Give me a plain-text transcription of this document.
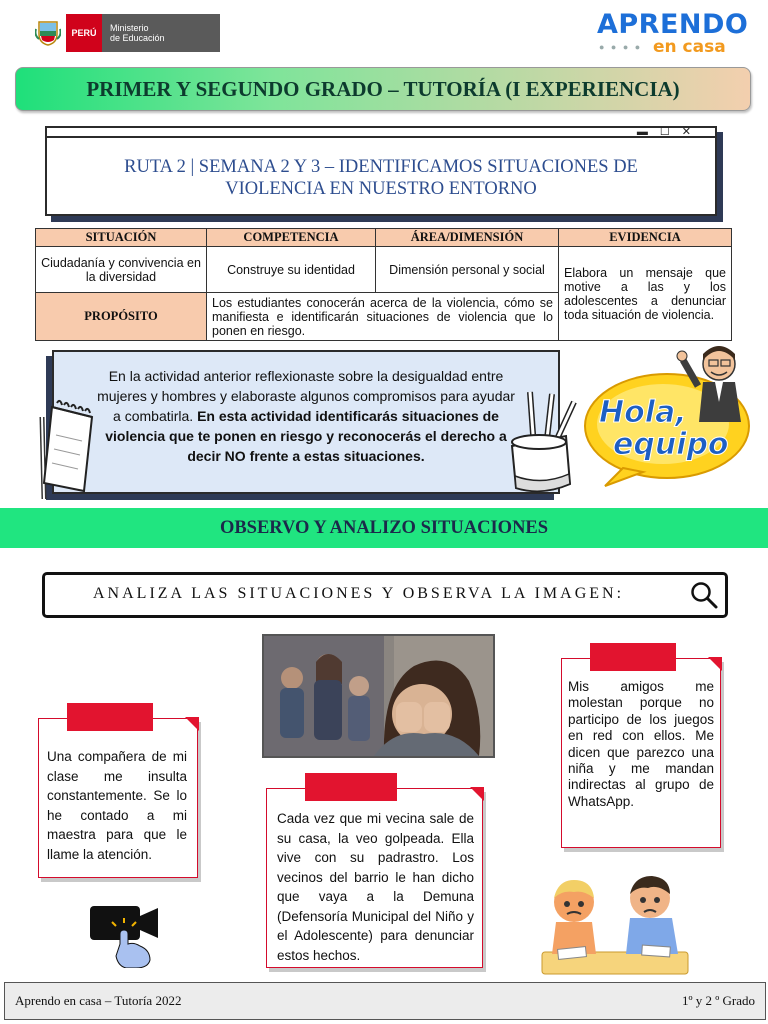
PERÚ	Ministerio
de Educación	APRENDO
● ● ● ● en casa
PRIMER Y SEGUNDO GRADO – TUTORÍA (I EXPERIENCIA)
▬☐✕
RUTA 2 | SEMANA 2 Y 3 – IDENTIFICAMOS SITUACIONES DE
VIOLENCIA EN NUESTRO ENTORNO
SITUACIÓN	COMPETENCIA	ÁREA/DIMENSIÓN	EVIDENCIA
Ciudadanía y convivencia en la diversidad	Construye su identidad	Dimensión personal y social	Elabora un mensaje que motive a las y los adolescentes a denunciar toda situación de violencia.
PROPÓSITO	Los estudiantes conocerán acerca de la violencia, cómo se manifiesta e identificarán situaciones de violencia que lo ponen en riesgo.		
En la actividad anterior reflexionaste sobre la desigualdad entre mujeres y hombres y elaboraste algunos compromisos para ayudar a combatirla. En esta actividad identificarás situaciones de violencia que te ponen en riesgo y reconocerás el derecho a decir NO frente a estas situaciones.
Hola,
equipo
OBSERVO Y ANALIZO SITUACIONES
ANALIZA LAS SITUACIONES Y OBSERVA LA IMAGEN:
Una compañera de mi clase me insulta constantemente. Se lo he contado a mi maestra para que le llame la atención.
Cada vez que mi vecina sale de su casa, la veo golpeada. Ella vive con su padrastro. Los vecinos del barrio le han dicho que vaya a la Demuna (Defensoría Municipal del Niño y el Adolescente) para denunciar estos hechos.
Mis amigos me molestan porque no participo de los juegos en red con ellos. Me dicen que parezco una niña y me mandan indirectas al grupo de WhatsApp.
Aprendo en casa – Tutoría 2022	1º y 2 º Grado
